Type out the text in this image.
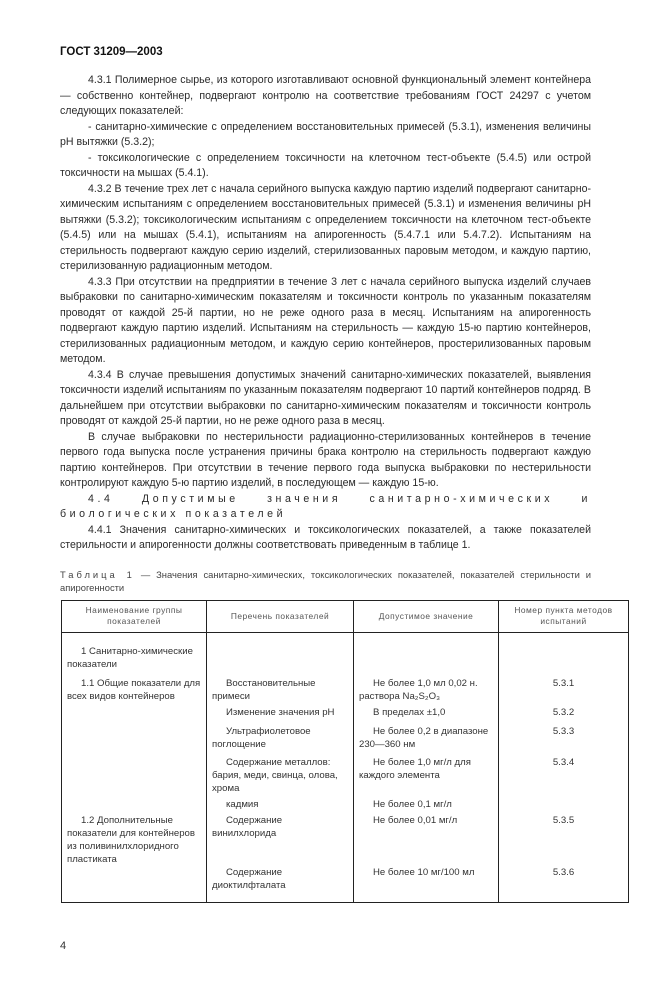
ГОСТ 31209—2003

4.3.1 Полимерное сырье, из которого изготавливают основной функциональный элемент контейнера — собственно контейнер, подвергают контролю на соответствие требованиям ГОСТ 24297 с учетом следующих показателей:

- санитарно-химические с определением восстановительных примесей (5.3.1), изменения величины pH вытяжки (5.3.2);

- токсикологические с определением токсичности на клеточном тест-объекте (5.4.5) или острой токсичности на мышах (5.4.1).

4.3.2 В течение трех лет с начала серийного выпуска каждую партию изделий подвергают санитарно-химическим испытаниям с определением восстановительных примесей (5.3.1) и изменения величины pH вытяжки (5.3.2); токсикологическим испытаниям с определением токсичности на клеточном тест-объекте (5.4.5) или на мышах (5.4.1), испытаниям на апирогенность (5.4.7.1 или 5.4.7.2). Испытаниям на стерильность подвергают каждую серию изделий, стерилизованных паровым методом, и каждую партию, стерилизованную радиационным методом.

4.3.3 При отсутствии на предприятии в течение 3 лет с начала серийного выпуска изделий случаев выбраковки по санитарно-химическим показателям и токсичности контроль по указанным показателям проводят от каждой 25-й партии, но не реже одного раза в месяц. Испытаниям на апирогенность подвергают каждую партию изделий. Испытаниям на стерильность — каждую 15-ю партию контейнеров, стерилизованных радиационным методом, и каждую серию контейнеров, простерилизованных паровым методом.

4.3.4 В случае превышения допустимых значений санитарно-химических показателей, выявления токсичности изделий испытаниям по указанным показателям подвергают 10 партий контейнеров подряд. В дальнейшем при отсутствии выбраковки по санитарно-химическим показателям и токсичности контроль проводят от каждой 25-й партии, но не реже одного раза в месяц.

В случае выбраковки по нестерильности радиационно-стерилизованных контейнеров в течение первого года выпуска после устранения причины брака контролю на стерильность подвергают каждую партию контейнеров. При отсутствии в течение первого года выпуска выбраковки по нестерильности контролируют каждую 5-ю партию изделий, в последующем — каждую 15-ю.

4.4 Допустимые значения санитарно-химических и биологических показателей

4.4.1 Значения санитарно-химических и токсикологических показателей, а также показателей стерильности и апирогенности должны соответствовать приведенным в таблице 1.

Таблица 1 — Значения санитарно-химических, токсикологических показателей, показателей стерильности и апирогенности

Наименование группы показателей	Перечень показателей	Допустимое значение	Номер пункта методов испытаний
1 Санитарно-химические показатели			
1.1 Общие показатели для всех видов контейнеров	Восстановительные примеси	Не более 1,0 мл 0,02 н. раствора Na₂S₂O₃	5.3.1
	Изменение значения pH	В пределах ±1,0	5.3.2
	Ультрафиолетовое поглощение	Не более 0,2 в диапазоне 230—360 нм	5.3.3
	Содержание металлов: бария, меди, свинца, олова, хрома	Не более 1,0 мг/л для каждого элемента	5.3.4
	кадмия	Не более 0,1 мг/л	
1.2 Дополнительные показатели для контейнеров из поливинилхлоридного пластиката	Содержание винилхлорида	Не более 0,01 мг/л	5.3.5
	Содержание диоктилфталата	Не более 10 мг/100 мл	5.3.6
4
